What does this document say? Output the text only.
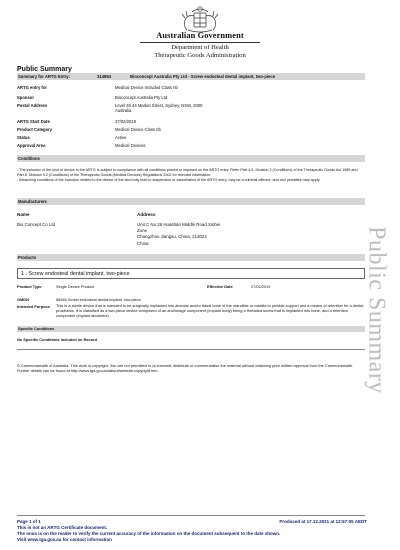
Australian Government
Department of Health
Therapeutic Goods Administration
Public Summary
Summary for ARTG Entry:	314894	Bioconcept Australia Pty Ltd - Screw endosteal dental implant, two-piece
ARTG entry for	Medical Device Included Class IIb
Sponsor	Bioconcept Australia Pty Ltd
Postal Address	Level 26 44 Market Street, Sydney, NSW, 2000
Australia
ARTG Start Date	27/02/2019
Product Category	Medical Device Class IIb
Status	Active
Approval Area	Medical Devices
Conditions
- The inclusion of the kind of device in the ARTG is subject to compliance with all conditions placed or imposed on the ARTG entry. Refer Part 4-5, Division 2 (Conditions) of the Therapeutic Goods Act 1989 and Part 5, Division 5.2 (Conditions) of the Therapeutic Goods (Medical Devices) Regulations 2002 for relevant information.
- Breaching conditions of the inclusion related to the device of the kind may lead to suspension or cancellation of the ARTG entry; may be a criminal offence; and civil penalties may apply.
Manufacturers
Name	Address
Bio Concept Co Ltd	Unit C No 26 Huashan Middle Road Xinbei
Zone
Changzhou Jiangsu, China, 213022
China
Products
1 . Screw endosteal dental implant, two-piece
Product Type	Single Device Product	Effective Date	27/02/2019
GMDN	58949 Screw endosteal dental implant, two-piece
Intended Purpose This is a sterile device that is intended to be surgically implanted into alveolar and/or basal bone of the mandible or maxilla to provide support and a means of retention for a dental prosthesis. It is classified as a two-piece device composed of an anchorage component (implant body) being a threaded screw that is implanted into bone, and a retention component (implant abutment)
Specific Conditions
No Specific Conditions included on Record
© Commonwealth of Australia. This work is copyright. You are not permitted to re-transmit, distribute or commercialise the material without obtaining prior written approval from the Commonwealth. Further details can be found at http://www.tga.gov.au/about/website-copyright.htm.	Public Summary
Page 1 of 1	Produced at 17.12.2021 at 12:57:05 AEDT
This is not an ARTG Certificate document.
The onus is on the reader to verify the current accuracy of the information on the document subsequent to the date shown.
Visit www.tga.gov.au for contact information
